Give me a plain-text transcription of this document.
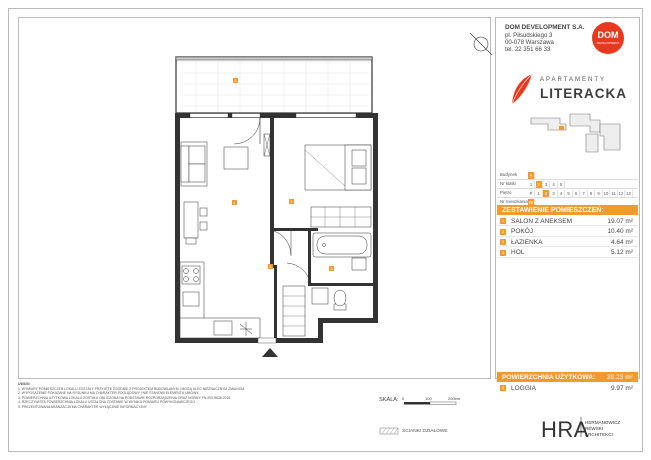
5
1	2
3
4
DOM DEVELOPMENT S.A.
pl. Piłsudskiego 3
00-078 Warszawa
tel. 22 351 66 33
DOM
DEVELOPMENT
APARTAMENTY
LITERACKA
Budynek	A
Nr klatki	1	2	3	4	5
Piętro	P	1	2	3	4	5	6	7	8	9 10 11 12 13
Nr mieszkania 26
ZESTAWIENIE POMIESZCZEŃ:
1 SALON Z ANEKSEM	19.07 m²
2 POKÓJ	10.40 m²
3 ŁAZIENKA	4.64 m²
4 HOL	5.12 m²
POWIERZCHNIA UŻYTKOWA: 39.23 m²
5 LOGGIA	9.97 m²
UWAGI:
1. WYMIARY POMIESZCZEŃ LOKALU ZOSTAŁY PRZYJĘTE ZGODNIE Z PROJEKTEM BUDOWLANYM I MOGĄ ULEC NIEZNACZNYM ZMIANOM.
2. WYPOSAŻENIE POKAZANE NA RYSUNKU MA CHARAKTER POGLĄDOWY I NIE STANOWI ELEMENTU UMOWY.
3. POWIERZCHNIA UŻYTKOWA LOKALU ZOSTAŁA OBLICZONA NA PODSTAWIE ROZPORZĄDZENIA ORAZ NORMY PN-ISO 9836:2015.
4. RZECZYWISTA POWIERZCHNIA LOKALU USTALONA ZOSTANIE W WYNIKU POMIARU POWYKONAWCZEGO.
5. PREZENTOWANA ARANŻACJA MA CHARAKTER WYŁĄCZNIE INFORMACYJNY.
SKALA: 0	100	200cm
ŚCIANKI DZIAŁOWE	HRA
HERMANOWICZ
RÉWSKI
ARCHITEKCI
